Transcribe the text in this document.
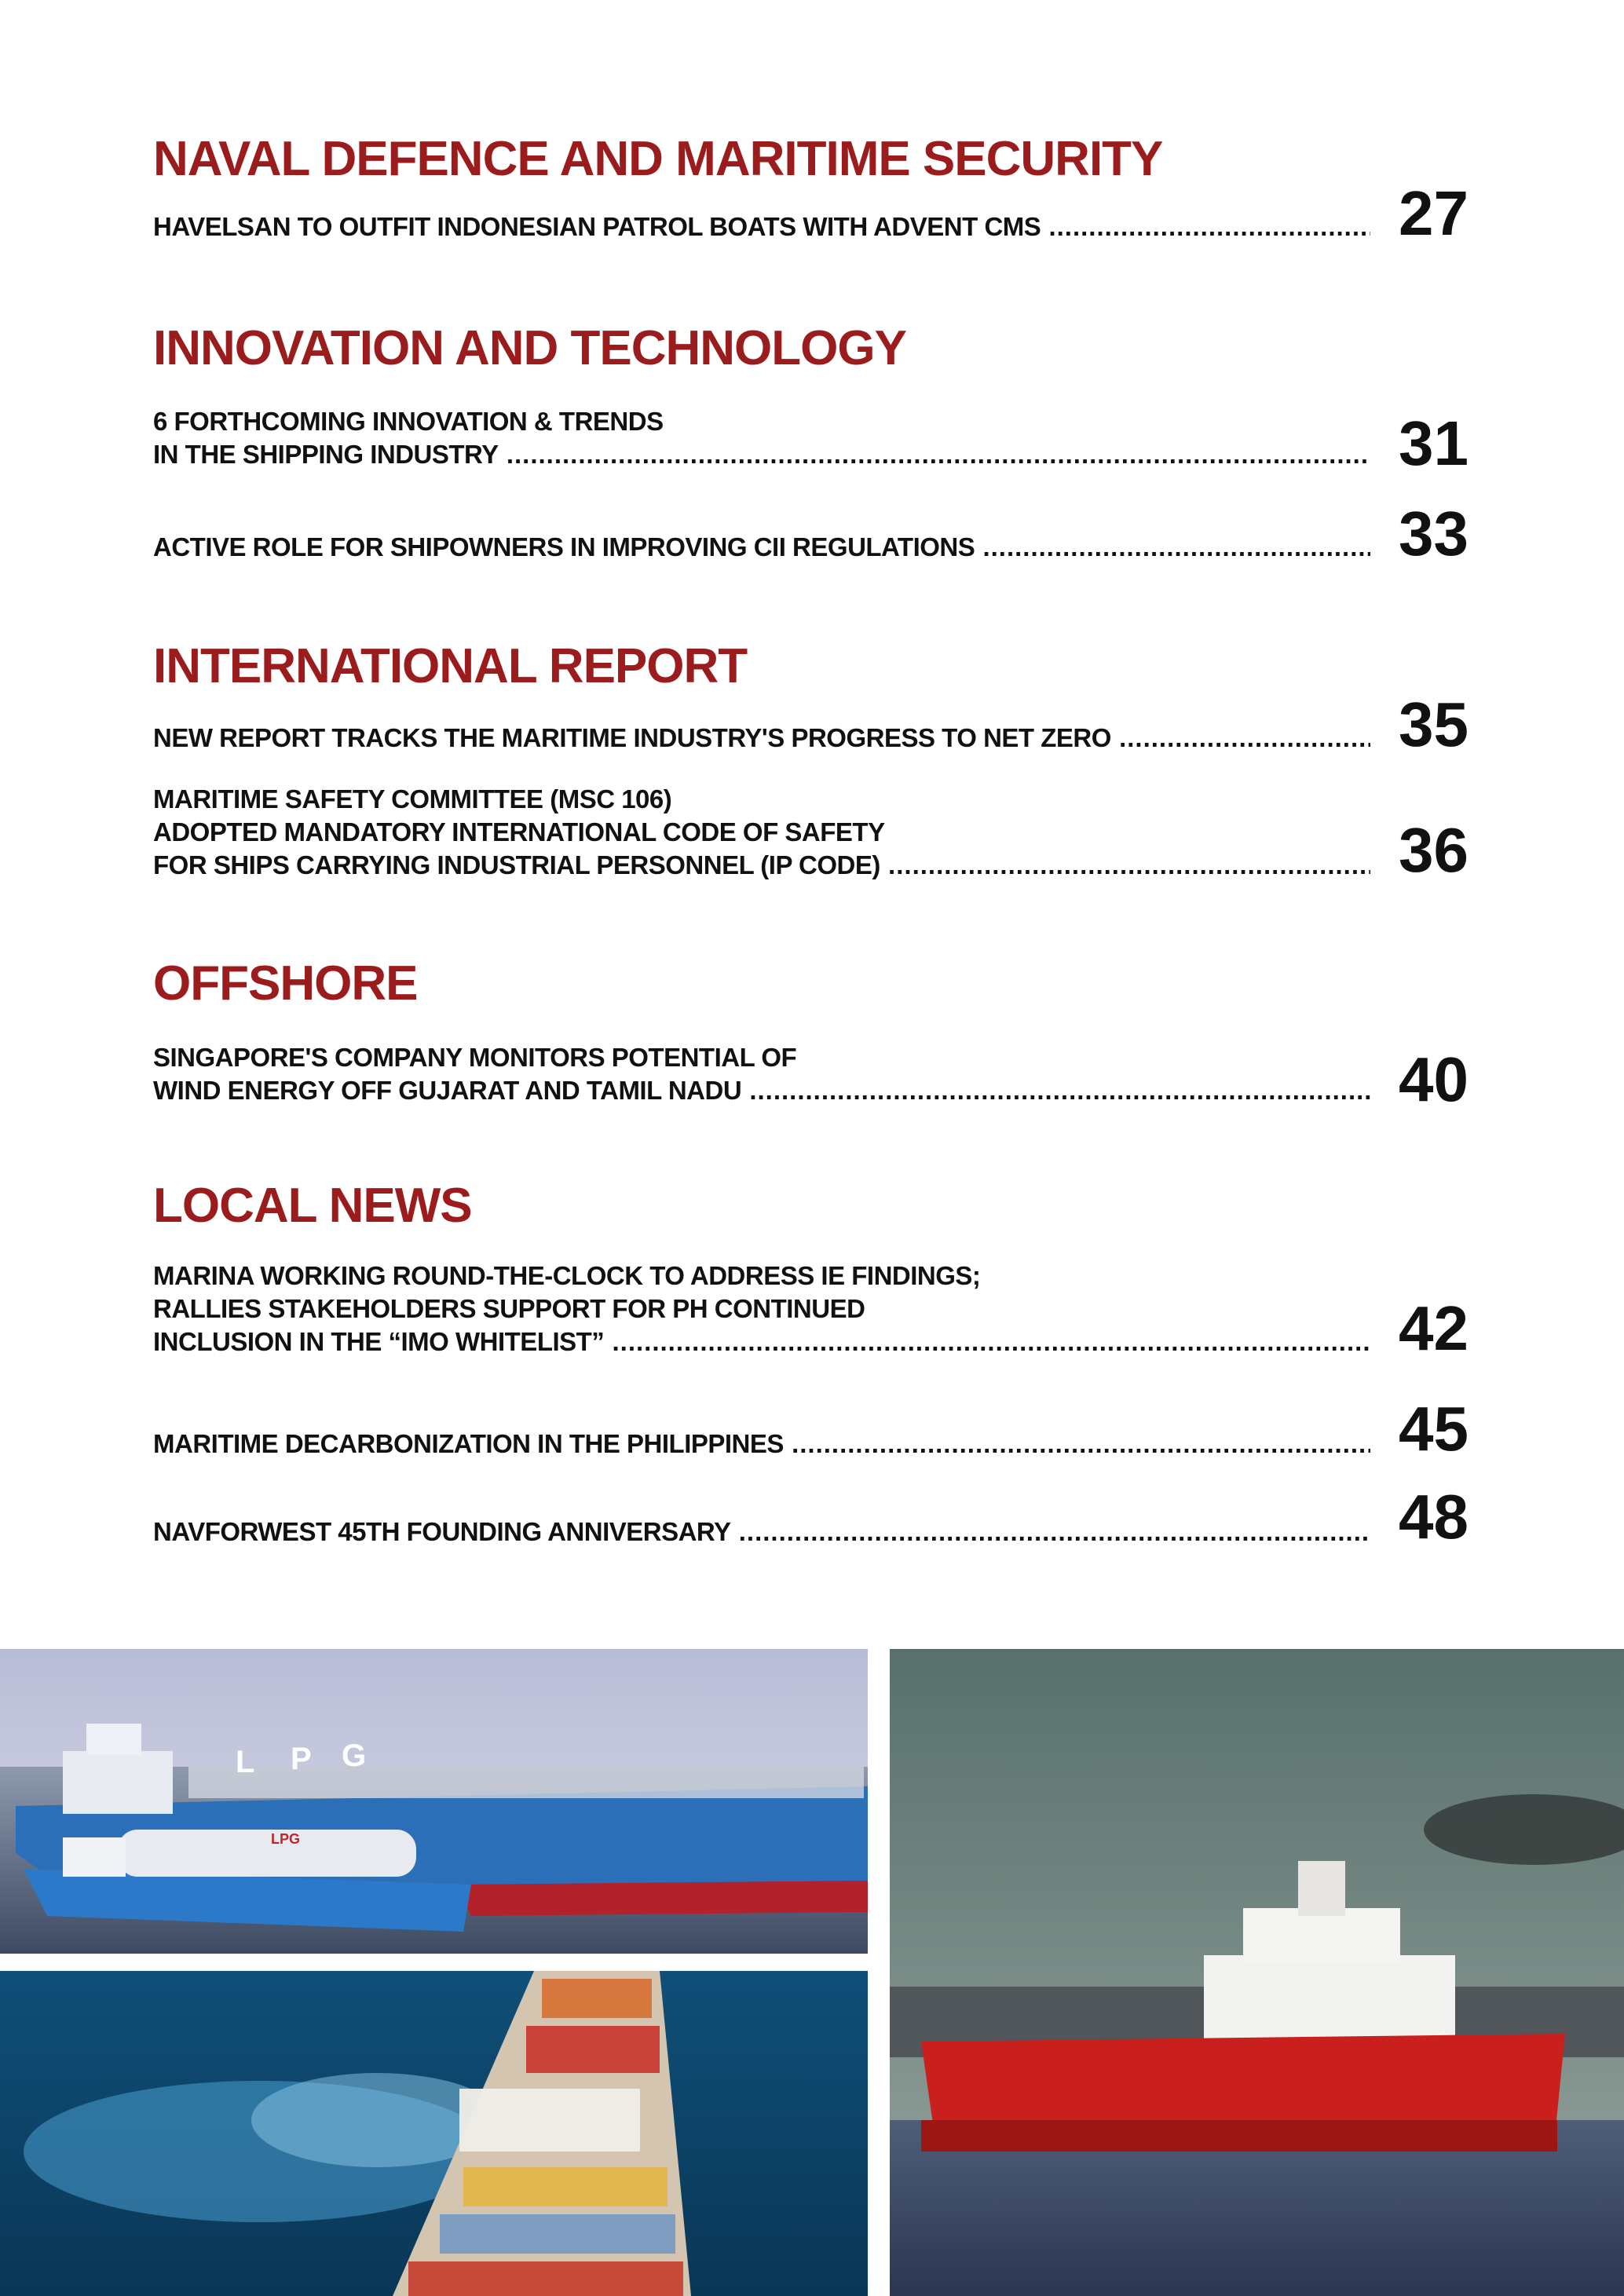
NAVAL DEFENCE AND MARITIME SECURITY
HAVELSAN TO OUTFIT INDONESIAN PATROL BOATS WITH ADVENT CMS .....	27
INNOVATION AND TECHNOLOGY
6 FORTHCOMING INNOVATION & TRENDS
IN THE SHIPPING INDUSTRY .....	31
ACTIVE ROLE FOR SHIPOWNERS IN IMPROVING CII REGULATIONS .....	33
INTERNATIONAL REPORT
NEW REPORT TRACKS THE MARITIME INDUSTRY'S PROGRESS TO NET ZERO .....	35
MARITIME SAFETY COMMITTEE (MSC 106)
ADOPTED MANDATORY INTERNATIONAL CODE OF SAFETY
FOR SHIPS CARRYING INDUSTRIAL PERSONNEL (IP CODE) .....	36
OFFSHORE
SINGAPORE'S COMPANY MONITORS POTENTIAL OF
WIND ENERGY OFF GUJARAT AND TAMIL NADU .....	40
LOCAL NEWS
MARINA WORKING ROUND-THE-CLOCK TO ADDRESS IE FINDINGS;
RALLIES STAKEHOLDERS SUPPORT FOR PH CONTINUED
INCLUSION IN THE “IMO WHITELIST” .....	42
MARITIME DECARBONIZATION IN THE PHILIPPINES .....	45
NAVFORWEST 45TH FOUNDING ANNIVERSARY .....	48
L P G
LPG
